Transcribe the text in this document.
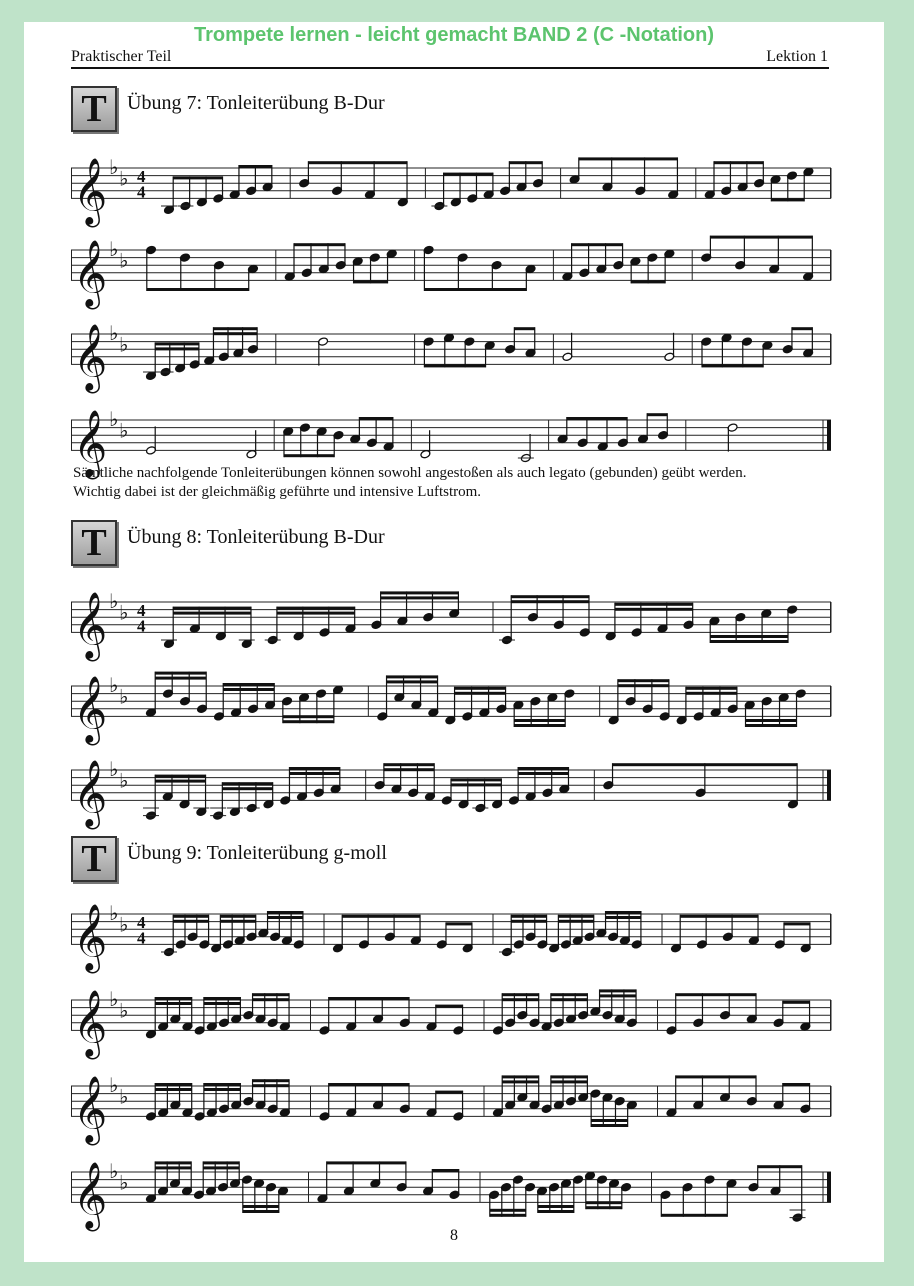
Trompete lernen - leicht gemacht BAND 2 (C -Notation)
Praktischer Teil	Lektion 1
T	Übung 7: Tonleiterübung B-Dur
𝄞 ♭ ♭ 4
4
𝄞 ♭ ♭
𝄞 ♭ ♭
𝄞 ♭ ♭
Sämtliche nachfolgende Tonleiterübungen können sowohl angestoßen als auch legato (gebunden) geübt werden.
Wichtig dabei ist der gleichmäßig geführte und intensive Luftstrom.
T	Übung 8: Tonleiterübung B-Dur
𝄞 ♭ ♭ 4
4
𝄞 ♭ ♭
𝄞 ♭ ♭
T	Übung 9: Tonleiterübung g-moll
𝄞 ♭ ♭ 4
4
𝄞 ♭ ♭
𝄞 ♭ ♭
𝄞 ♭ ♭
8
